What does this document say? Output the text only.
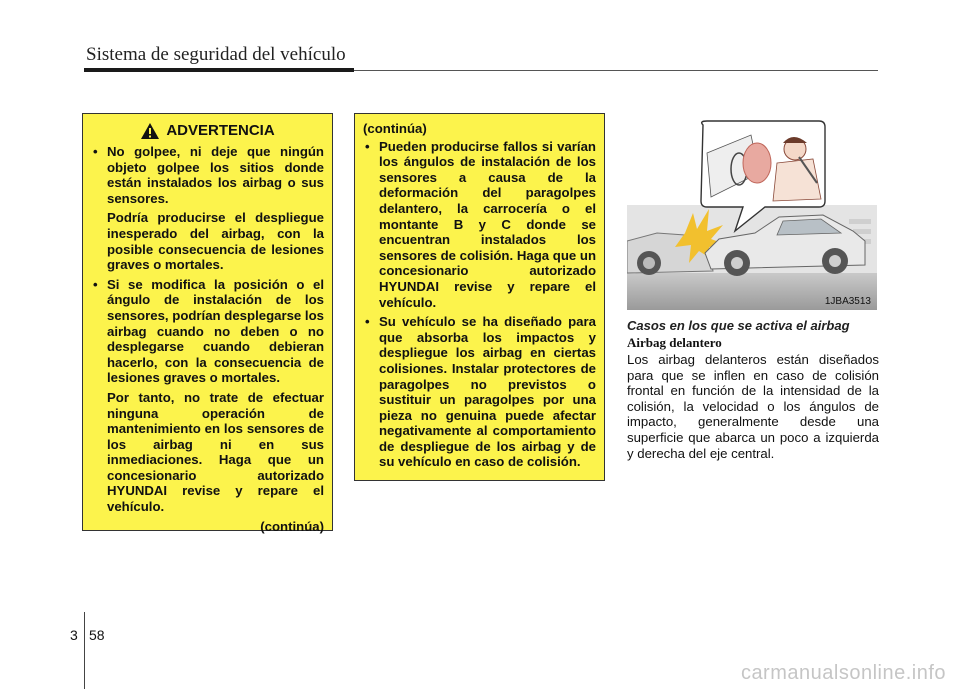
Sistema de seguridad del vehículo
ADVERTENCIA
• No golpee, ni deje que ningún objeto golpee los sitios donde están instalados los airbag o sus sensores.
Podría producirse el despliegue inesperado del airbag, con la posible consecuencia de lesiones graves o mortales.
• Si se modifica la posición o el ángulo de instalación de los sensores, podrían desplegarse los airbag cuando no deben o no desplegarse cuando debieran hacerlo, con la consecuencia de lesiones graves o mortales.
Por tanto, no trate de efectuar ninguna operación de mantenimiento en los sensores de los airbag ni en sus inmediaciones. Haga que un concesionario autorizado HYUNDAI revise y repare el vehículo.
(continúa)
(continúa)
• Pueden producirse fallos si varían los ángulos de instalación de los sensores a causa de la deformación del paragolpes delantero, la carrocería o el montante B y C donde se encuentran instalados los sensores de colisión. Haga que un concesionario autorizado HYUNDAI revise y repare el vehículo.
• Su vehículo se ha diseñado para que absorba los impactos y despliegue los airbag en ciertas colisiones. Instalar protectores de paragolpes no previstos o sustituir un paragolpes por una pieza no genuina puede afectar negativamente al comportamiento de despliegue de los airbag y de su vehículo en caso de colisión.
1JBA3513
Casos en los que se activa el airbag
Airbag delantero
Los airbag delanteros están diseñados para que se inflen en caso de colisión frontal en función de la intensidad de la colisión, la velocidad o los ángulos de impacto, generalmente desde una superficie que abarca un poco a izquierda y derecha del eje central.
3 58
carmanualsonline.info
